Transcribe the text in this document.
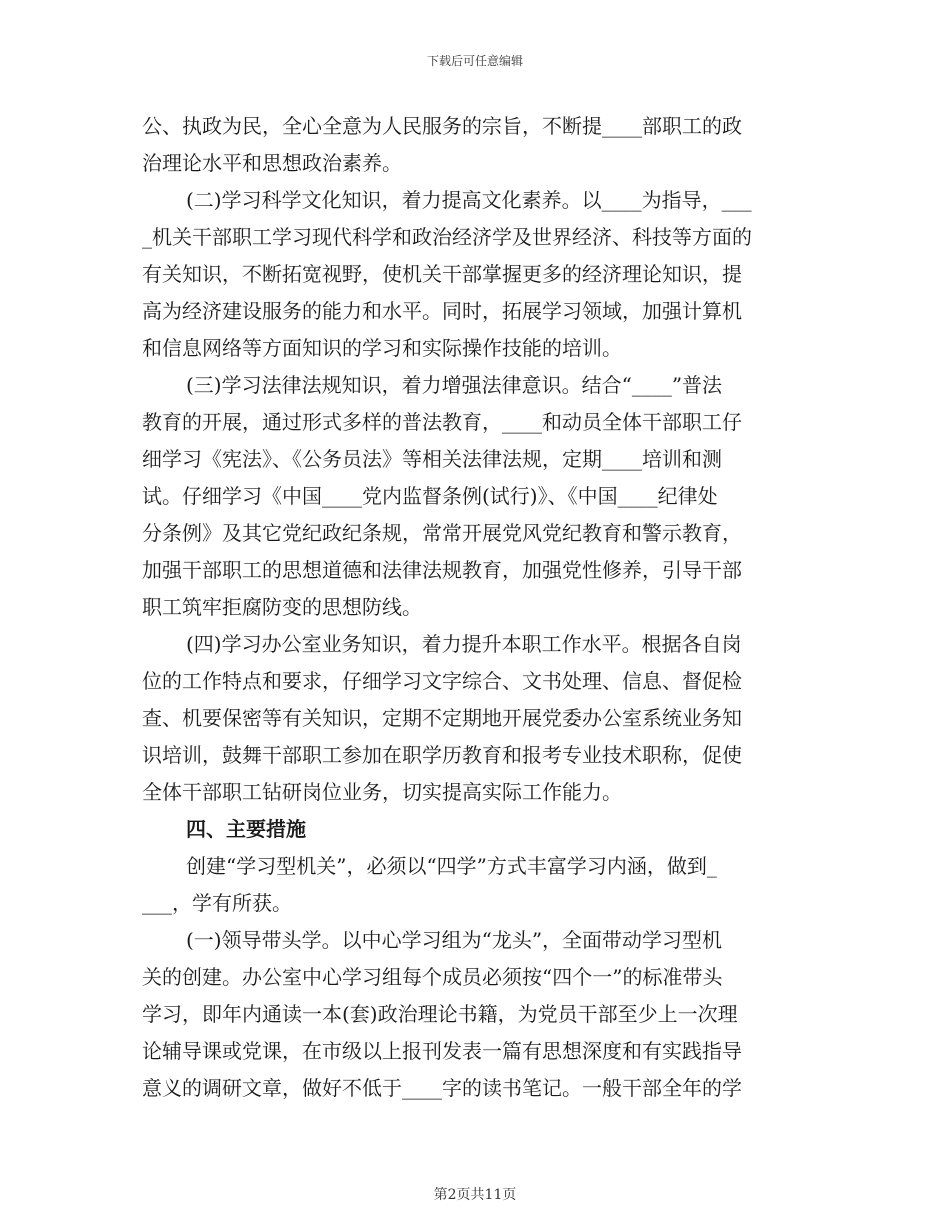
下载后可任意编辑
公、执政为民，全心全意为人民服务的宗旨，不断提____部职工的政
治理论水平和思想政治素养。
(二)学习科学文化知识，着力提高文化素养。以____为指导，___
_机关干部职工学习现代科学和政治经济学及世界经济、科技等方面的
有关知识，不断拓宽视野，使机关干部掌握更多的经济理论知识，提
高为经济建设服务的能力和水平。同时，拓展学习领域，加强计算机
和信息网络等方面知识的学习和实际操作技能的培训。
(三)学习法律法规知识，着力增强法律意识。结合“____”普法
教育的开展，通过形式多样的普法教育，____和动员全体干部职工仔
细学习《宪法》、《公务员法》等相关法律法规，定期____培训和测
试。仔细学习《中国____党内监督条例(试行)》、《中国____纪律处
分条例》及其它党纪政纪条规，常常开展党风党纪教育和警示教育，
加强干部职工的思想道德和法律法规教育，加强党性修养，引导干部
职工筑牢拒腐防变的思想防线。
(四)学习办公室业务知识，着力提升本职工作水平。根据各自岗
位的工作特点和要求，仔细学习文字综合、文书处理、信息、督促检
查、机要保密等有关知识，定期不定期地开展党委办公室系统业务知
识培训，鼓舞干部职工参加在职学历教育和报考专业技术职称，促使
全体干部职工钻研岗位业务，切实提高实际工作能力。
四、主要措施
创建“学习型机关”，必须以“四学”方式丰富学习内涵，做到_
___，学有所获。
(一)领导带头学。以中心学习组为“龙头”，全面带动学习型机
关的创建。办公室中心学习组每个成员必须按“四个一”的标准带头
学习，即年内通读一本(套)政治理论书籍，为党员干部至少上一次理
论辅导课或党课，在市级以上报刊发表一篇有思想深度和有实践指导
意义的调研文章，做好不低于____字的读书笔记。一般干部全年的学
第2页共11页
